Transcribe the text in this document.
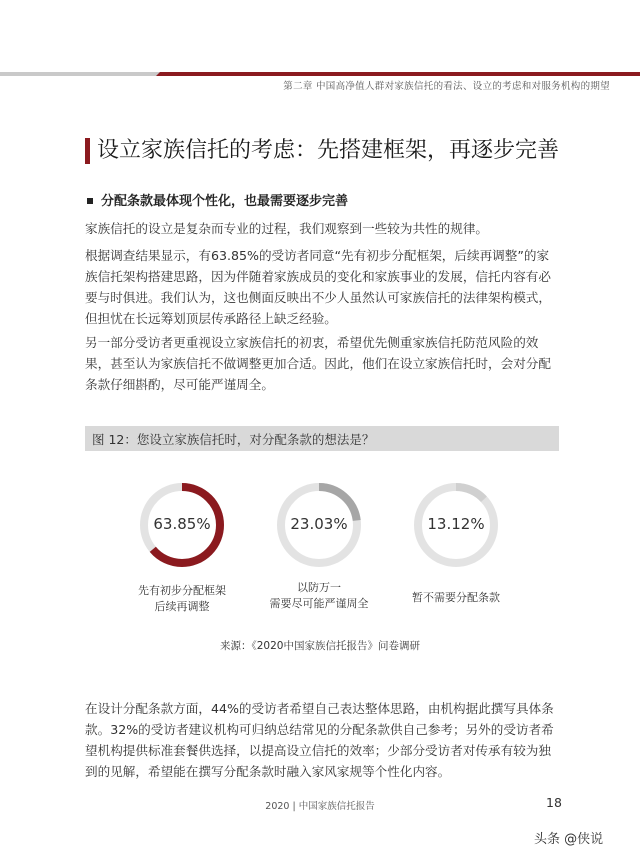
第二章 中国高净值人群对家族信托的看法、设立的考虑和对服务机构的期望
设立家族信托的考虑：先搭建框架，再逐步完善
分配条款最体现个性化，也最需要逐步完善

家族信托的设立是复杂而专业的过程，我们观察到一些较为共性的规律。

根据调查结果显示，有63.85%的受访者同意“先有初步分配框架，后续再调整”的家族信托架构搭建思路，因为伴随着家族成员的变化和家族事业的发展，信托内容有必要与时俱进。我们认为，这也侧面反映出不少人虽然认可家族信托的法律架构模式，但担忧在长远筹划顶层传承路径上缺乏经验。

另一部分受访者更重视设立家族信托的初衷，希望优先侧重家族信托防范风险的效果，甚至认为家族信托不做调整更加合适。因此，他们在设立家族信托时，会对分配条款仔细斟酌，尽可能严谨周全。

图 12：您设立家族信托时，对分配条款的想法是？
63.85%	23.03%	13.12%
先有初步分配框架
后续再调整
以防万一
需要尽可能严谨周全	暂不需要分配条款
来源：《2020中国家族信托报告》问卷调研

在设计分配条款方面，44%的受访者希望自己表达整体思路，由机构据此撰写具体条款。32%的受访者建议机构可归纳总结常见的分配条款供自己参考；另外的受访者希望机构提供标准套餐供选择，以提高设立信托的效率；少部分受访者对传承有较为独到的见解，希望能在撰写分配条款时融入家风家规等个性化内容。

2020 | 中国家族信托报告	18
头条 @侠说
